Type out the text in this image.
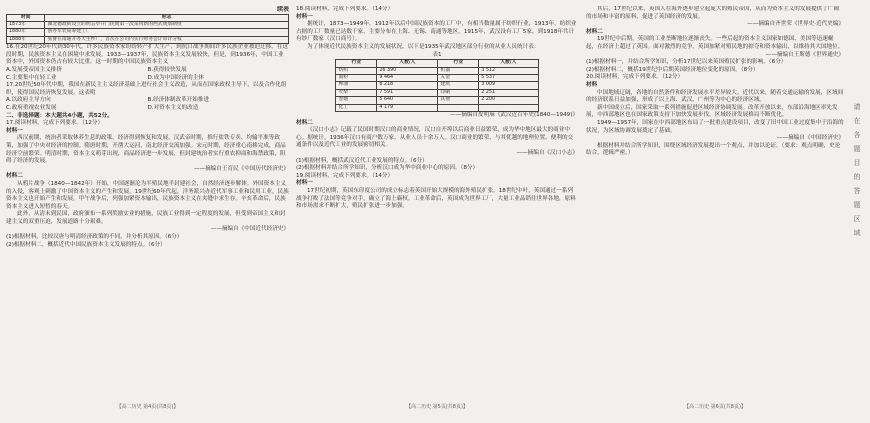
续表
时间	标志
1873年	湖北德政街设立的明志亭开门民间第一次采用新的西式规划制度
1880年	创办军装局筹建工厂
1888年	张謇在南通开办大生纱厂，首次在公司内实行财务会计审计分权

16.在20世纪20年代到30年代，许多民族资本家纷纷转产扩大生产，到抗日战争期间许多民族企业被迫迁移。在这段时期，民族资本主义在困境中求发展。1933—1937年，民族资本主义发展较快，但是，到1936年，中国工业资本中，外国资本仍占有较大比重。这一时期的中国民族资本主义

A.发展受帝国主义排挤	B.获得较快发展
C.主要集中在轻工业	D.成为中国经济的主体

17.20世纪50年代中期，我国在新民主主义经济基础上进行社会主义改造，从而在国家政权主导下，以及合作化组织，使得国民经济恢复发展，这表明

A.以政府主导方向	B.经济体制改革开始推进
C.政府重视农业发展	D.对资本主义的改造

二、非选择题：本大题共4小题，共52分。

17.阅读材料，完成下列要求。（12分）

材料一

西汉前期，统治者采取休养生息的政策，经济得到恢复和发展。汉武帝时期，推行盐铁专卖、均输平准等政策，加强了中央对经济的控制。隋唐时期，开凿大运河，南北经济交流加强。宋元时期，经济重心南移完成，商品经济空前繁荣。明清时期，资本主义萌芽出现，商品经济进一步发展，但封建统治者实行重农抑商和海禁政策，阻碍了经济的发展。

——摘编自王育民《中国历代经济史》

材料二

从鸦片战争（1840—1842年）开始，中国逐渐沦为半殖民地半封建社会，自然经济逐步解体。外国资本主义的入侵，客观上刺激了中国资本主义的产生和发展。19世纪60年代起，洋务派兴办近代军事工业和民用工业，民族资本主义也开始产生和发展。甲午战争后，列强加紧资本输出，民族资本主义在夹缝中求生存。辛亥革命后，民族资本主义进入短暂的春天。

此外，从清末到民国，政府颁布一系列奖励实业的措施，民族工业得到一定程度的发展，但受到帝国主义和封建主义的双重压迫，发展道路十分艰难。

——摘编自《中国近代经济史》

(1)根据材料，比较汉唐与明清经济政策的不同，并分析其原因。（6分）

(2)根据材料二，概括近代中国民族资本主义发展的特点。（6分）

【高二历史 第4页(共8页)】

18.阅读材料，完成下列要求。（14分）

材料一

据统计，1873—1949年，1912年以后中国民族资本的工厂中，有相当数量属于纺织行业，1913年，纺织业占据的工厂数量已达数千家，主要分布在上海、无锡、南通等地区。1915年，武汉设有工厂5家，到1918年共计有纱厂数家（汉口商号）。

为了体现近代民族资本主义的发展状况，以下是1935年武汉地区部分行业的从业人员统计表：

表1

行业	人数/人	行业	人数/人
纺织	26 390	机器	3 512
面粉	9 464	五金	5 537
榨油	8 218	建筑	3 009
火柴	7 591	印刷	2 251
卷烟	5 640	其他	2 200
化工	4 179		

——摘编自皮明庥《武汉近百年史(1840—1949)》

材料二

《汉口小志》记载了民国时期汉口的商业情况，汉口自开埠以后商业日益繁荣，成为华中地区最大的商业中心。据统计，1936年汉口有商户数万家，从业人员十余万人。汉口商业的繁荣，与其优越的地理位置、便利的交通条件以及近代工业的发展密切相关。

——摘编自《汉口小志》

(1)根据材料，概括武汉近代工业发展的特点。（6分）

(2)根据材料并结合所学知识，分析汉口成为华中商业中心的原因。（8分）

19.阅读材料，完成下列要求。（14分）

材料一

17世纪初期，英国东印度公司的成立标志着英国开始大规模的海外殖民扩张。18世纪中叶，英国通过一系列战争打败了法国等竞争对手，确立了海上霸权。工业革命后，英国成为世界工厂，大量工业品销往世界各地，原料和市场需求不断扩大，殖民扩张进一步加强。

【高二历史 第5页(共8页)】

其后，17世纪以来，英国人在海外逐步建立起庞大的殖民帝国，从而为资本主义的发展提供了广阔的市场和丰富的原料，促进了英国经济的发展。

——摘编自齐世荣《世界史·近代史编》

材料二

19世纪中后期，英国的工业垄断地位逐渐丧失。一些后起的资本主义国家如德国、美国等迅速崛起，在经济上超过了英国。面对激烈的竞争，英国加紧对殖民地的掠夺和资本输出，以维持其大国地位。

——摘编自王斯德《世界通史》

(1)根据材料一，并结合所学知识，分析17世纪以来英国殖民扩张的影响。（6分）

(2)根据材料二，概括19世纪中后期英国经济地位变化的原因。（8分）

20.阅读材料，完成下列要求。（12分）

材料

中国地域辽阔，各地的自然条件和经济发展水平差异较大。近代以来，随着交通运输的发展，区域间的经济联系日益加强，形成了以上海、武汉、广州等为中心的经济区域。

新中国成立后，国家采取一系列措施促进区域经济协调发展。改革开放以来，东部沿海地区率先发展，中西部地区也在国家政策支持下加快发展步伐，区域经济发展格局不断优化。

1949—1957年，国家在中西部地区布局了一批重点建设项目，改变了旧中国工业过度集中于沿海的状况，为区域协调发展奠定了基础。

——摘编自《中国经济史》

根据材料并结合所学知识，围绕区域经济发展提出一个观点，并加以论证。（要求：观点明确，史论结合，逻辑严密。）

【高二历史 第6页(共8页)】
请
在
各
题
目
的
答
题
区
域
